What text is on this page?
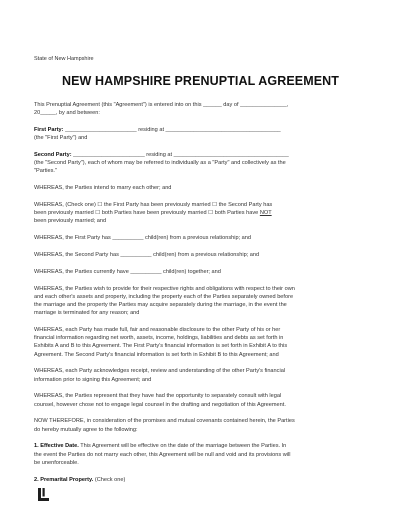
State of New Hampshire
NEW HAMPSHIRE PRENUPTIAL AGREEMENT
This Prenuptial Agreement (this "Agreement") is entered into on this ______ day of _______________,
20_____, by and between:
First Party: _______________________ residing at _____________________________________
(the "First Party") and
Second Party: _______________________ residing at _____________________________________
(the "Second Party"), each of whom may be referred to individually as a "Party" and collectively as the
"Parties."
WHEREAS, the Parties intend to marry each other; and
WHEREAS, (Check one) ☐ the First Party has been previously married ☐ the Second Party has
been previously married ☐ both Parties have been previously married ☐ both Parties have NOT
been previously married; and
WHEREAS, the First Party has __________ child(ren) from a previous relationship; and
WHEREAS, the Second Party has __________ child(ren) from a previous relationship; and
WHEREAS, the Parties currently have __________ child(ren) together; and
WHEREAS, the Parties wish to provide for their respective rights and obligations with respect to their own
and each other's assets and property, including the property each of the Parties separately owned before
the marriage and the property the Parties may acquire separately during the marriage, in the event the
marriage is terminated for any reason; and
WHEREAS, each Party has made full, fair and reasonable disclosure to the other Party of his or her
financial information regarding net worth, assets, income, holdings, liabilities and debts as set forth in
Exhibits A and B to this Agreement. The First Party's financial information is set forth in Exhibit A to this
Agreement. The Second Party's financial information is set forth in Exhibit B to this Agreement; and
WHEREAS, each Party acknowledges receipt, review and understanding of the other Party's financial
information prior to signing this Agreement; and
WHEREAS, the Parties represent that they have had the opportunity to separately consult with legal
counsel, however chose not to engage legal counsel in the drafting and negotiation of this Agreement.
NOW THEREFORE, in consideration of the promises and mutual covenants contained herein, the Parties
do hereby mutually agree to the following:
1. Effective Date. This Agreement will be effective on the date of the marriage between the Parties. In
the event the Parties do not marry each other, this Agreement will be null and void and its provisions will
be unenforceable.
2. Premarital Property. (Check one)
